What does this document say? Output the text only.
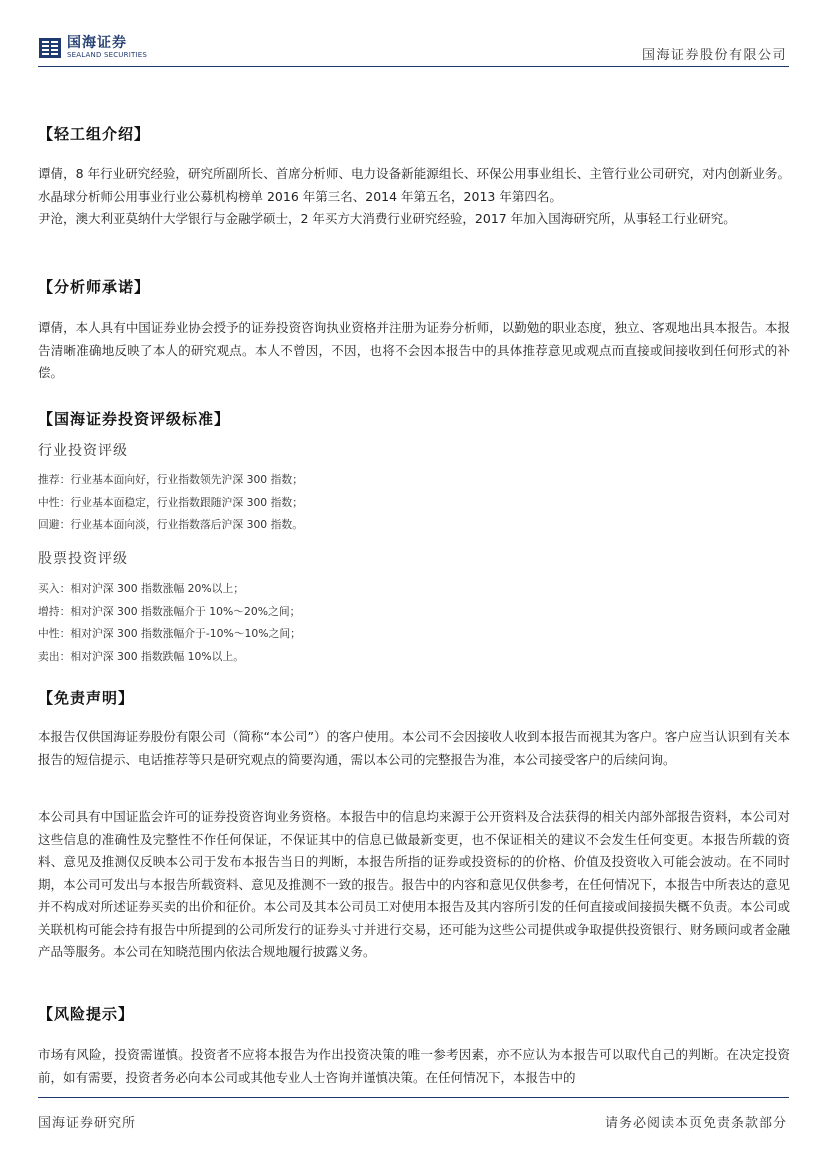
国海证券
SEALAND SECURITIES	国海证券股份有限公司
【轻工组介绍】

谭倩，8 年行业研究经验，研究所副所长、首席分析师、电力设备新能源组长、环保公用事业组长、主管行业公司研究，对内创新业务。水晶球分析师公用事业行业公募机构榜单 2016 年第三名、2014 年第五名，2013 年第四名。

尹沧，澳大利亚莫纳什大学银行与金融学硕士，2 年买方大消费行业研究经验，2017 年加入国海研究所，从事轻工行业研究。

【分析师承诺】
谭倩，本人具有中国证券业协会授予的证券投资咨询执业资格并注册为证券分析师，以勤勉的职业态度，独立、客观地出具本报告。本报告清晰准确地反映了本人的研究观点。本人不曾因，不因，也将不会因本报告中的具体推荐意见或观点而直接或间接收到任何形式的补偿。
【国海证券投资评级标准】
行业投资评级
推荐：行业基本面向好，行业指数领先沪深 300 指数；
中性：行业基本面稳定，行业指数跟随沪深 300 指数；
回避：行业基本面向淡，行业指数落后沪深 300 指数。
股票投资评级
买入：相对沪深 300 指数涨幅 20%以上；
增持：相对沪深 300 指数涨幅介于 10%～20%之间；
中性：相对沪深 300 指数涨幅介于-10%～10%之间；
卖出：相对沪深 300 指数跌幅 10%以上。
【免责声明】
本报告仅供国海证券股份有限公司（简称“本公司”）的客户使用。本公司不会因接收人收到本报告而视其为客户。客户应当认识到有关本报告的短信提示、电话推荐等只是研究观点的简要沟通，需以本公司的完整报告为准，本公司接受客户的后续问询。
本公司具有中国证监会许可的证券投资咨询业务资格。本报告中的信息均来源于公开资料及合法获得的相关内部外部报告资料，本公司对这些信息的准确性及完整性不作任何保证，不保证其中的信息已做最新变更，也不保证相关的建议不会发生任何变更。本报告所载的资料、意见及推测仅反映本公司于发布本报告当日的判断，本报告所指的证券或投资标的的价格、价值及投资收入可能会波动。在不同时期，本公司可发出与本报告所载资料、意见及推测不一致的报告。报告中的内容和意见仅供参考，在任何情况下，本报告中所表达的意见并不构成对所述证券买卖的出价和征价。本公司及其本公司员工对使用本报告及其内容所引发的任何直接或间接损失概不负责。本公司或关联机构可能会持有报告中所提到的公司所发行的证券头寸并进行交易，还可能为这些公司提供或争取提供投资银行、财务顾问或者金融产品等服务。本公司在知晓范围内依法合规地履行披露义务。
【风险提示】
市场有风险，投资需谨慎。投资者不应将本报告为作出投资决策的唯一参考因素，亦不应认为本报告可以取代自己的判断。在决定投资前，如有需要，投资者务必向本公司或其他专业人士咨询并谨慎决策。在任何情况下，本报告中的
国海证券研究所	请务必阅读本页免责条款部分
